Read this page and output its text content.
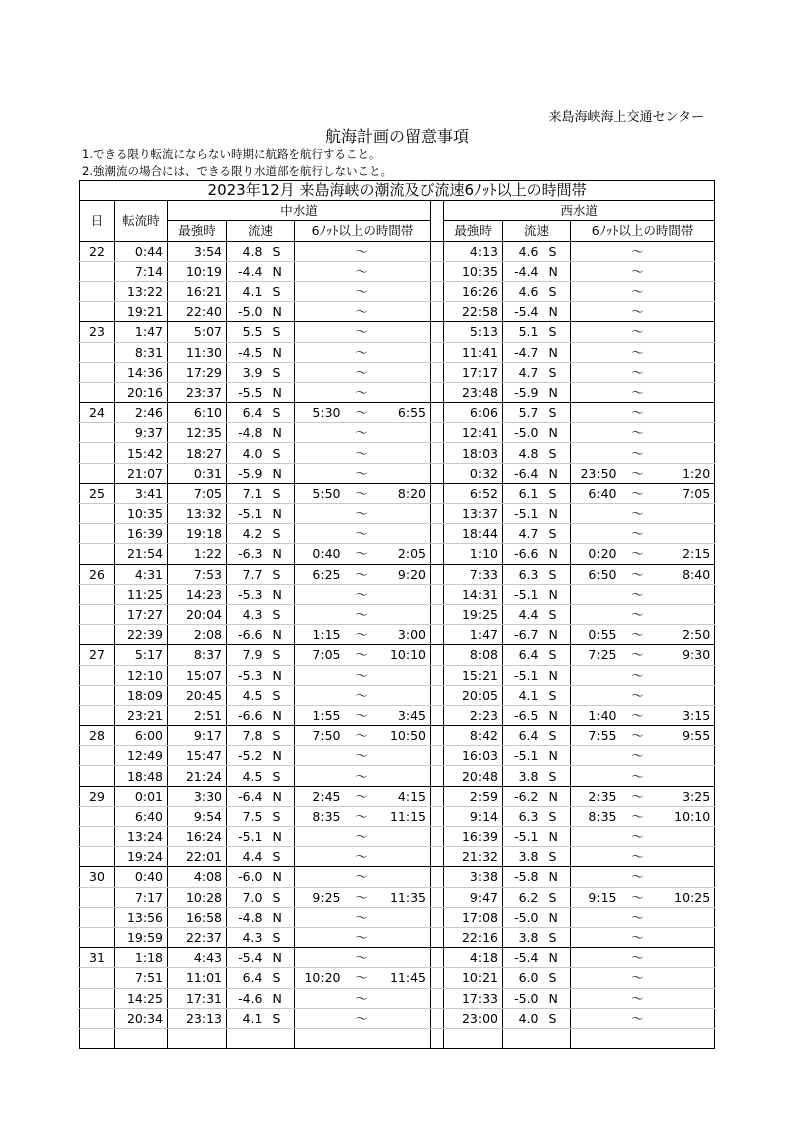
来島海峡海上交通センター
航海計画の留意事項
1.できる限り転流にならない時期に航路を航行すること。
2.強潮流の場合には、できる限り水道部を航行しないこと。
2023年12月 来島海峡の潮流及び流速6ﾉｯﾄ以上の時間帯														
日	転流時	中水道							西水道					
		最強時	流速		6ﾉｯﾄ以上の時間帯				最強時	流速		6ﾉｯﾄ以上の時間帯		
22	0:44	3:54	4.8	S		～			4:13	4.6	S		～	
	7:14	10:19	-4.4	N		～			10:35	-4.4	N		～	
	13:22	16:21	4.1	S		～			16:26	4.6	S		～	
	19:21	22:40	-5.0	N		～			22:58	-5.4	N		～	
23	1:47	5:07	5.5	S		～			5:13	5.1	S		～	
	8:31	11:30	-4.5	N		～			11:41	-4.7	N		～	
	14:36	17:29	3.9	S		～			17:17	4.7	S		～	
	20:16	23:37	-5.5	N		～			23:48	-5.9	N		～	
24	2:46	6:10	6.4	S	5:30	～	6:55		6:06	5.7	S		～	
	9:37	12:35	-4.8	N		～			12:41	-5.0	N		～	
	15:42	18:27	4.0	S		～			18:03	4.8	S		～	
	21:07	0:31	-5.9	N		～			0:32	-6.4	N	23:50	～	1:20
25	3:41	7:05	7.1	S	5:50	～	8:20		6:52	6.1	S	6:40	～	7:05
	10:35	13:32	-5.1	N		～			13:37	-5.1	N		～	
	16:39	19:18	4.2	S		～			18:44	4.7	S		～	
	21:54	1:22	-6.3	N	0:40	～	2:05		1:10	-6.6	N	0:20	～	2:15
26	4:31	7:53	7.7	S	6:25	～	9:20		7:33	6.3	S	6:50	～	8:40
	11:25	14:23	-5.3	N		～			14:31	-5.1	N		～	
	17:27	20:04	4.3	S		～			19:25	4.4	S		～	
	22:39	2:08	-6.6	N	1:15	～	3:00		1:47	-6.7	N	0:55	～	2:50
27	5:17	8:37	7.9	S	7:05	～	10:10		8:08	6.4	S	7:25	～	9:30
	12:10	15:07	-5.3	N		～			15:21	-5.1	N		～	
	18:09	20:45	4.5	S		～			20:05	4.1	S		～	
	23:21	2:51	-6.6	N	1:55	～	3:45		2:23	-6.5	N	1:40	～	3:15
28	6:00	9:17	7.8	S	7:50	～	10:50		8:42	6.4	S	7:55	～	9:55
	12:49	15:47	-5.2	N		～			16:03	-5.1	N		～	
	18:48	21:24	4.5	S		～			20:48	3.8	S		～	
29	0:01	3:30	-6.4	N	2:45	～	4:15		2:59	-6.2	N	2:35	～	3:25
	6:40	9:54	7.5	S	8:35	～	11:15		9:14	6.3	S	8:35	～	10:10
	13:24	16:24	-5.1	N		～			16:39	-5.1	N		～	
	19:24	22:01	4.4	S		～			21:32	3.8	S		～	
30	0:40	4:08	-6.0	N		～			3:38	-5.8	N		～	
	7:17	10:28	7.0	S	9:25	～	11:35		9:47	6.2	S	9:15	～	10:25
	13:56	16:58	-4.8	N		～			17:08	-5.0	N		～	
	19:59	22:37	4.3	S		～			22:16	3.8	S		～	
31	1:18	4:43	-5.4	N		～			4:18	-5.4	N		～	
	7:51	11:01	6.4	S	10:20	～	11:45		10:21	6.0	S		～	
	14:25	17:31	-4.6	N		～			17:33	-5.0	N		～	
	20:34	23:13	4.1	S		～			23:00	4.0	S		～	
